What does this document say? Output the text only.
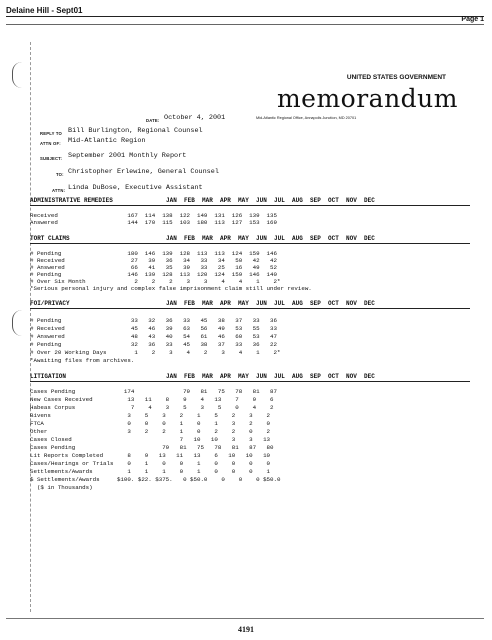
Delaine Hill - Sept01
Page 1
UNITED STATES GOVERNMENT
memorandum
DATE: October 4, 2001	Mid-Atlantic Regional Office, Annapolis Junction, MD 20701
REPLY TO Bill Burlington, Regional Counsel
ATTN OF: Mid-Atlantic Region
SUBJECT: September 2001 Monthly Report
TO: Christopher Erlewine, General Counsel
ATTN: Linda DuBose, Executive Assistant
ADMINISTRATIVE REMEDIES	JAN  FEB  MAR  APR  MAY  JUN  JUL  AUG  SEP  OCT  NOV  DEC
Received                    167  114  138  122  149  131  126  139  135
Answered                    144  170  115  103  180  113  127  153  169
TORT CLAIMS	JAN  FEB  MAR  APR  MAY  JUN  JUL  AUG  SEP  OCT  NOV  DEC
# Pending                   180  146  139  128  113  113  124  159  146
# Received                   27   39   36   34   33   34   50   42   42
# Answered                   66   41   35   39   33   25   16   49   52
# Pending                   146  139  128  113  120  124  159  146  140
# Over Six Month              2    2    2    3    3    4    4    1    2*
*Serious personal injury and complex false imprisonment claim still under review.
FOI/PRIVACY	JAN  FEB  MAR  APR  MAY  JUN  JUL  AUG  SEP  OCT  NOV  DEC
# Pending                    33   32   36   33   45   38   37   33   36
# Received                   45   46   39   63   56   49   53   55   33
# Answered                   48   43   40   54   61   46   60   53   47
# Pending                    32   36   33   45   38   37   33   36   22
# Over 20 Working Days        1    2    3    4    2    3    4    1    2*
*Awaiting files from archives.
LITIGATION	JAN  FEB  MAR  APR  MAY  JUN  JUL  AUG  SEP  OCT  NOV  DEC
Cases Pending              174              79   81   75   78   81   87
New Cases Received          13   11    8    9    4   13    7    9    6
Habeas Corpus                7    4    3    5    3    5    0    4    2
Bivens                      3    5    3    2    1    5    2    3    2
FTCA                        0    0    0    1    0    1    3    2    0
Other                       3    2    2    1    0    2    2    0    2
Cases Closed                               7   10   10    3    3   13
Cases Pending                         79   81   75   78   81   87   80
Lit Reports Completed       8    9   13   11   13    6   10   10   10
Cases/Hearings or Trials    0    1    0    0    1    0    0    0    0
Settlements/Awards          1    1    1    0    1    0    0    0    1
$ Settlements/Awards     $100. $22. $375.   0 $50.0    0    0    0 $50.0
($ in Thousands)
4191
